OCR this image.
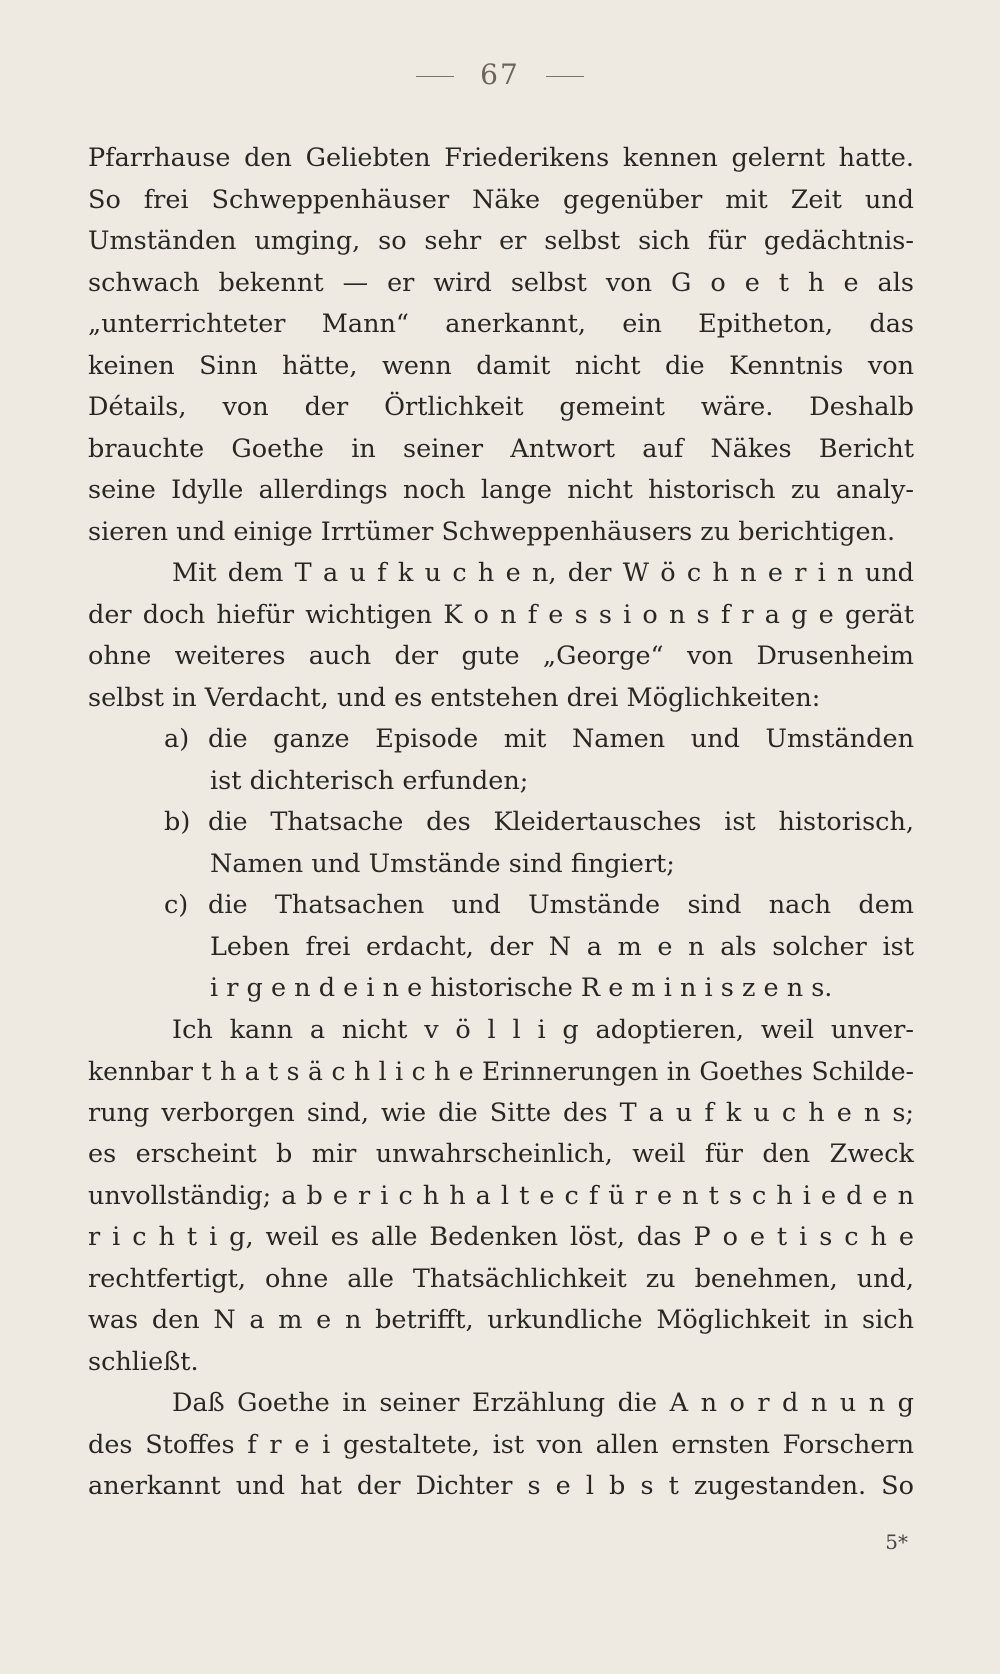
67
Pfarrhause den Geliebten Friederikens kennen gelernt hatte.
So frei Schweppenhäuser Näke gegenüber mit Zeit und
Umständen umging, so sehr er selbst sich für gedächtnis-
schwach bekennt — er wird selbst von G o e t h e als
„unterrichteter Mann“ anerkannt, ein Epitheton, das
keinen Sinn hätte, wenn damit nicht die Kenntnis von
Détails, von der Örtlichkeit gemeint wäre. Deshalb
brauchte Goethe in seiner Antwort auf Näkes Bericht
seine Idylle allerdings noch lange nicht historisch zu analy-
sieren und einige Irrtümer Schweppenhäusers zu berichtigen.
Mit dem T a u f k u c h e n, der W ö c h n e r i n und
der doch hiefür wichtigen K o n f e s s i o n s f r a g e gerät
ohne weiteres auch der gute „George“ von Drusenheim
selbst in Verdacht, und es entstehen drei Möglichkeiten:
a) die ganze Episode mit Namen und Umständen
ist dichterisch erfunden;
b) die Thatsache des Kleidertausches ist historisch,
Namen und Umstände sind fingiert;
c) die Thatsachen und Umstände sind nach dem
Leben frei erdacht, der N a m e n als solcher ist
i r g e n d e i n e historische R e m i n i s z e n s.
Ich kann a nicht v ö l l i g adoptieren, weil unver-
kennbar t h a t s ä c h l i c h e Erinnerungen in Goethes Schilde-
rung verborgen sind, wie die Sitte des T a u f k u c h e n s;
es erscheint b mir unwahrscheinlich, weil für den Zweck
unvollständig; a b e r i c h h a l t e c f ü r e n t s c h i e d e n
r i c h t i g, weil es alle Bedenken löst, das P o e t i s c h e
rechtfertigt, ohne alle Thatsächlichkeit zu benehmen, und,
was den N a m e n betrifft, urkundliche Möglichkeit in sich
schließt.
Daß Goethe in seiner Erzählung die A n o r d n u n g
des Stoffes f r e i gestaltete, ist von allen ernsten Forschern
anerkannt und hat der Dichter s e l b s t zugestanden. So
5*
